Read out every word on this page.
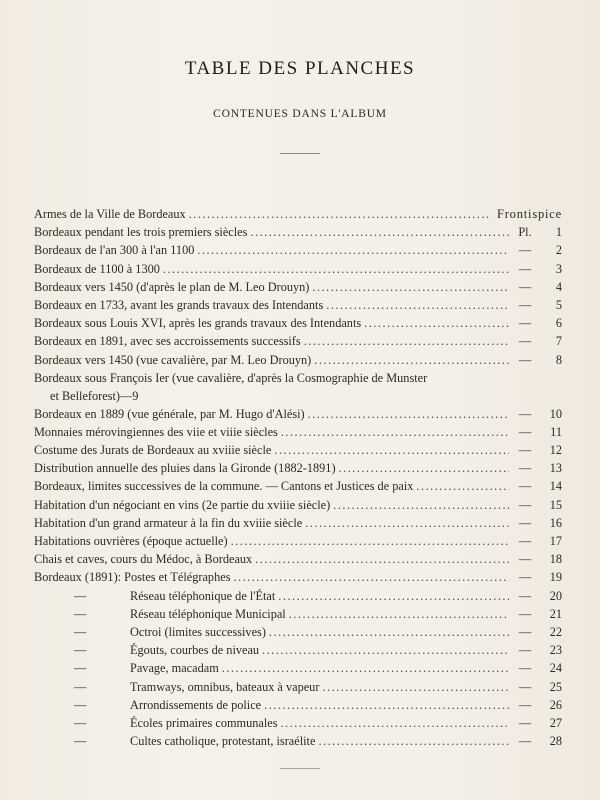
TABLE DES PLANCHES
CONTENUES DANS L'ALBUM
Armes de la Ville de Bordeaux .....	Frontispice
Bordeaux pendant les trois premiers siècles .....	Pl.	1
Bordeaux de l'an 300 à l'an 1100 .....	—	2
Bordeaux de 1100 à 1300 .....	—	3
Bordeaux vers 1450 (d'après le plan de M. Leo Drouyn) .....	—	4
Bordeaux en 1733, avant les grands travaux des Intendants .....	—	5
Bordeaux sous Louis XVI, après les grands travaux des Intendants .....	—	6
Bordeaux en 1891, avec ses accroissements successifs .....	—	7
Bordeaux vers 1450 (vue cavalière, par M. Leo Drouyn) .....	—	8
Bordeaux sous François Ier (vue cavalière, d'après la Cosmographie de Munster
et Belleforest) — 9
Bordeaux en 1889 (vue générale, par M. Hugo d'Alési) .....	—	10
Monnaies mérovingiennes des viie et viiie siècles .....	—	11
Costume des Jurats de Bordeaux au xviiie siècle .....	—	12
Distribution annuelle des pluies dans la Gironde (1882-1891) .....	—	13
Bordeaux, limites successives de la commune. — Cantons et Justices de paix .....	—	14
Habitation d'un négociant en vins (2e partie du xviiie siècle) .....	—	15
Habitation d'un grand armateur à la fin du xviiie siècle .....	—	16
Habitations ouvrières (époque actuelle) .....	—	17
Chais et caves, cours du Médoc, à Bordeaux .....	—	18
Bordeaux (1891): Postes et Télégraphes .....	—	19
—	Réseau téléphonique de l'État .....	—	20
—	Réseau téléphonique Municipal .....	—	21
—	Octroi (limites successives) .....	—	22
—	Égouts, courbes de niveau .....	—	23
—	Pavage, macadam .....	—	24
—	Tramways, omnibus, bateaux à vapeur .....	—	25
—	Arrondissements de police .....	—	26
—	Écoles primaires communales .....	—	27
—	Cultes catholique, protestant, israélite .....	—	28
